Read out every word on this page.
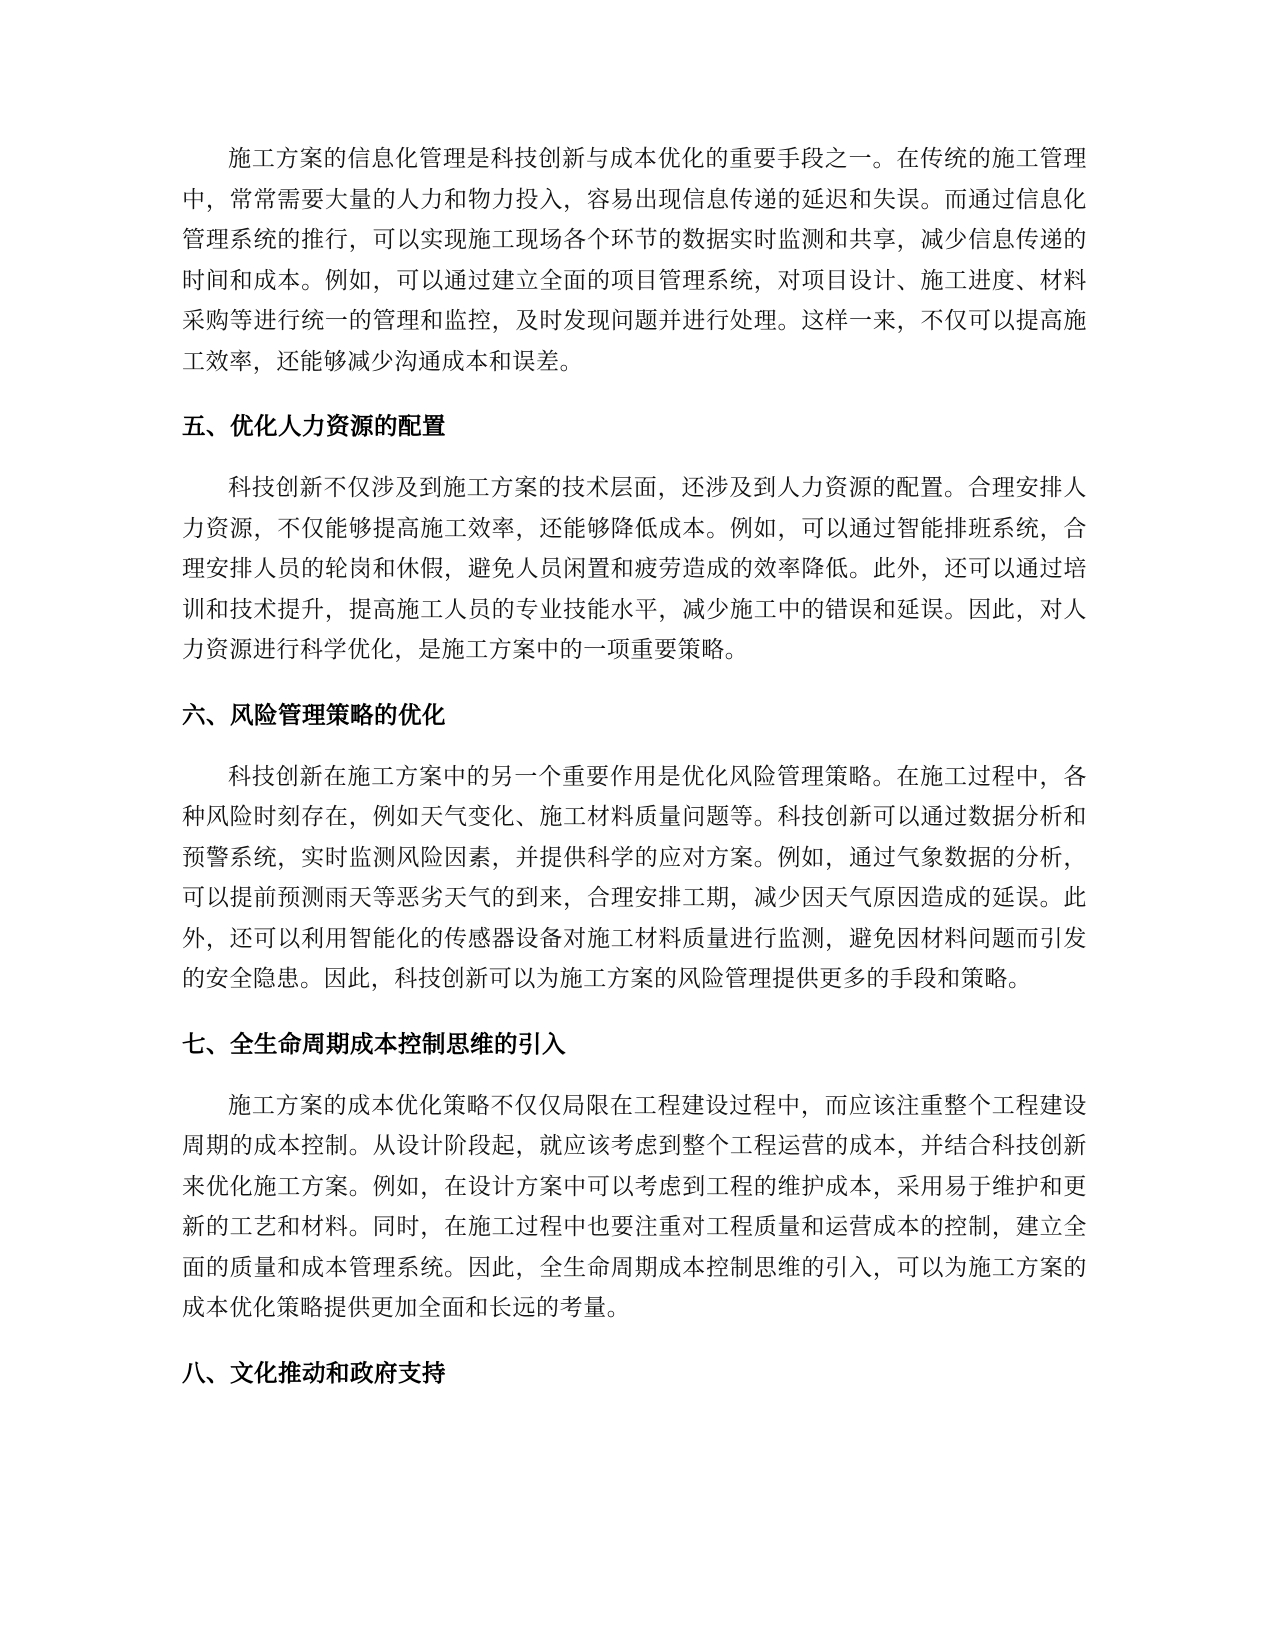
施工方案的信息化管理是科技创新与成本优化的重要手段之一。在传统的施工管理中，常常需要大量的人力和物力投入，容易出现信息传递的延迟和失误。而通过信息化管理系统的推行，可以实现施工现场各个环节的数据实时监测和共享，减少信息传递的时间和成本。例如，可以通过建立全面的项目管理系统，对项目设计、施工进度、材料采购等进行统一的管理和监控，及时发现问题并进行处理。这样一来，不仅可以提高施工效率，还能够减少沟通成本和误差。

五、优化人力资源的配置

科技创新不仅涉及到施工方案的技术层面，还涉及到人力资源的配置。合理安排人力资源，不仅能够提高施工效率，还能够降低成本。例如，可以通过智能排班系统，合理安排人员的轮岗和休假，避免人员闲置和疲劳造成的效率降低。此外，还可以通过培训和技术提升，提高施工人员的专业技能水平，减少施工中的错误和延误。因此，对人力资源进行科学优化，是施工方案中的一项重要策略。

六、风险管理策略的优化

科技创新在施工方案中的另一个重要作用是优化风险管理策略。在施工过程中，各种风险时刻存在，例如天气变化、施工材料质量问题等。科技创新可以通过数据分析和预警系统，实时监测风险因素，并提供科学的应对方案。例如，通过气象数据的分析，可以提前预测雨天等恶劣天气的到来，合理安排工期，减少因天气原因造成的延误。此外，还可以利用智能化的传感器设备对施工材料质量进行监测，避免因材料问题而引发的安全隐患。因此，科技创新可以为施工方案的风险管理提供更多的手段和策略。

七、全生命周期成本控制思维的引入

施工方案的成本优化策略不仅仅局限在工程建设过程中，而应该注重整个工程建设周期的成本控制。从设计阶段起，就应该考虑到整个工程运营的成本，并结合科技创新来优化施工方案。例如，在设计方案中可以考虑到工程的维护成本，采用易于维护和更新的工艺和材料。同时，在施工过程中也要注重对工程质量和运营成本的控制，建立全面的质量和成本管理系统。因此，全生命周期成本控制思维的引入，可以为施工方案的成本优化策略提供更加全面和长远的考量。

八、文化推动和政府支持
